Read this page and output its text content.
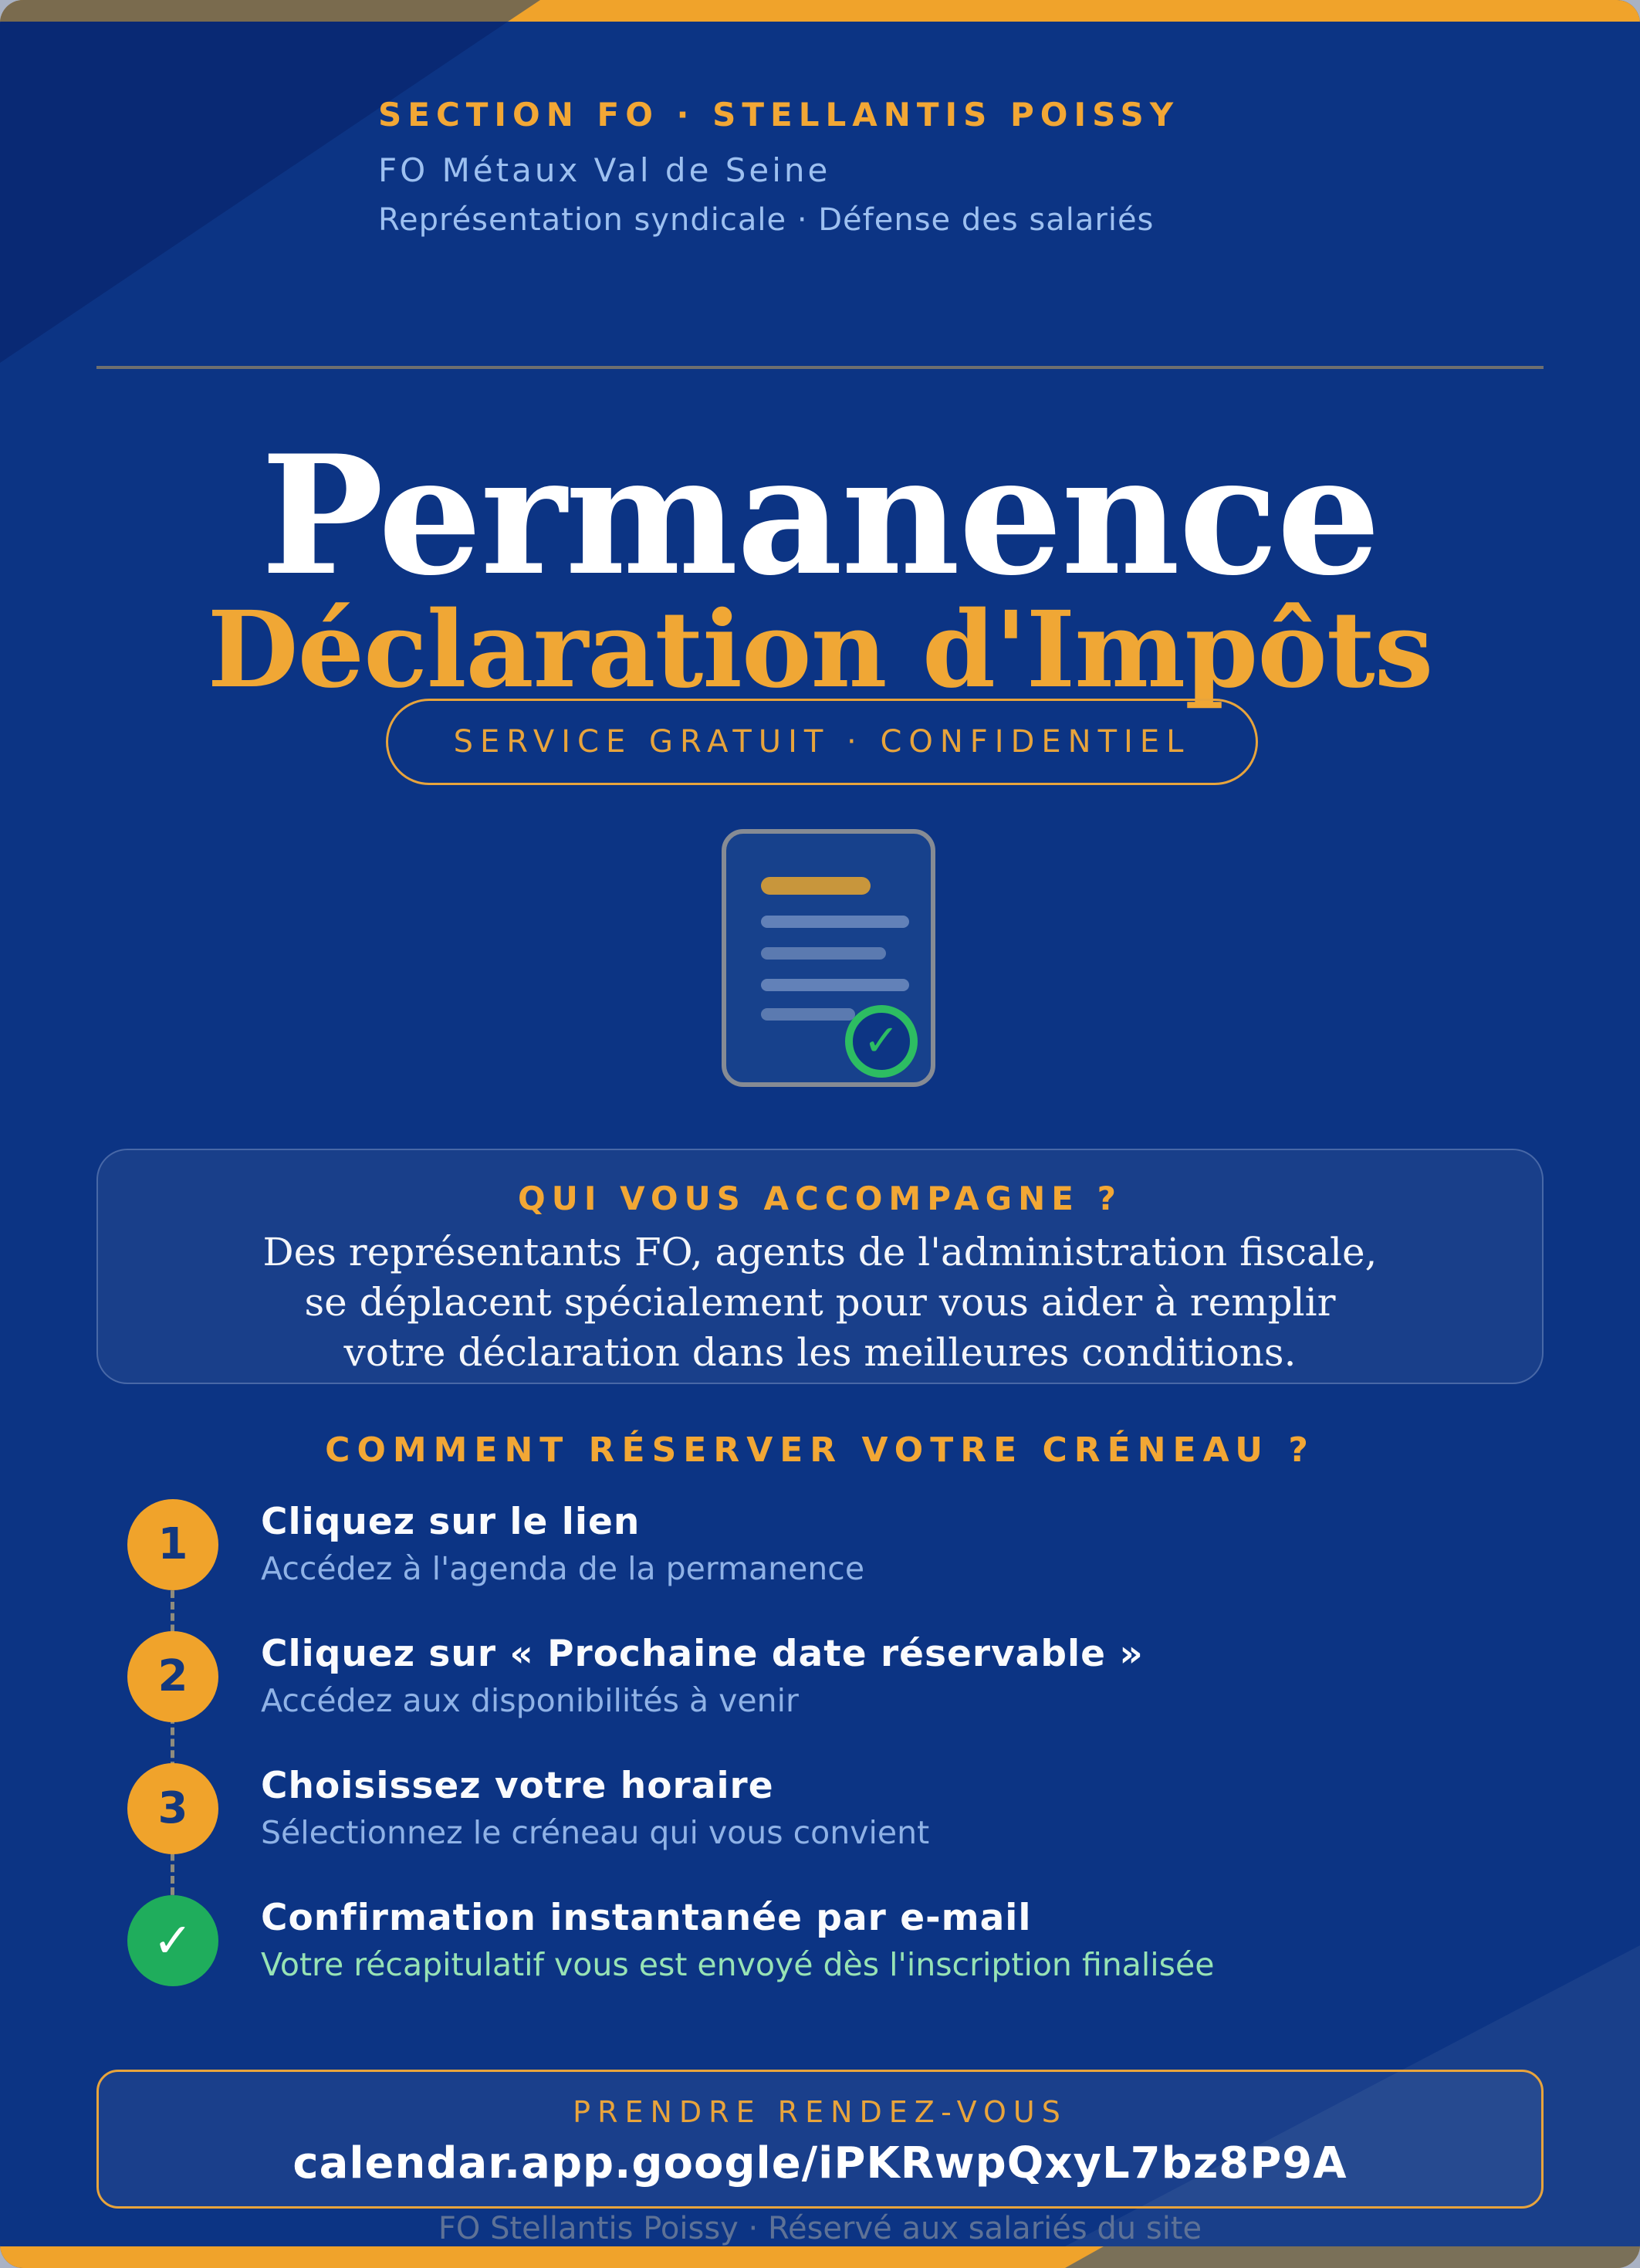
SECTION FO · STELLANTIS POISSY
FO Métaux Val de Seine
Représentation syndicale · Défense des salariés
Permanence
Déclaration d'Impôts
SERVICE GRATUIT · CONFIDENTIEL
✓
QUI VOUS ACCOMPAGNE ?
Des représentants FO, agents de l'administration fiscale,
se déplacent spécialement pour vous aider à remplir
votre déclaration dans les meilleures conditions.
COMMENT RÉSERVER VOTRE CRÉNEAU ?
1	Cliquez sur le lien
Accédez à l'agenda de la permanence
2	Cliquez sur « Prochaine date réservable »
Accédez aux disponibilités à venir
3	Choisissez votre horaire
Sélectionnez le créneau qui vous convient
✓	Confirmation instantanée par e-mail
Votre récapitulatif vous est envoyé dès l'inscription finalisée
PRENDRE RENDEZ-VOUS
calendar.app.google/iPKRwpQxyL7bz8P9A
FO Stellantis Poissy · Réservé aux salariés du site
